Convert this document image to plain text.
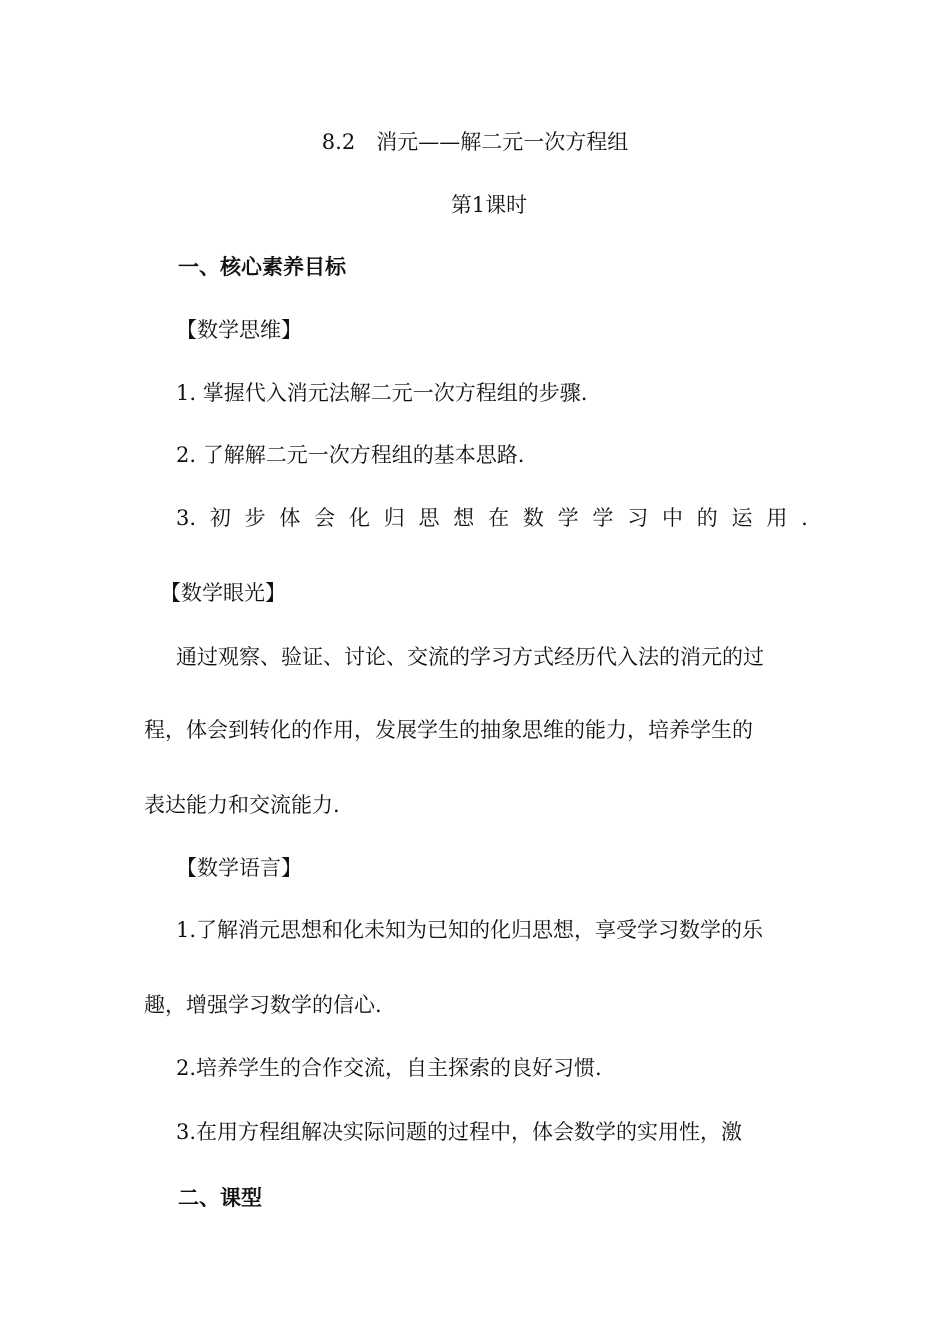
8.2　消元——解二元一次方程组
第1课时
一、核心素养目标
【数学思维】
1. 掌握代入消元法解二元一次方程组的步骤.
2. 了解解二元一次方程组的基本思路.
3. 初 步 体 会 化 归 思 想 在 数 学 学 习 中 的 运 用 .
【数学眼光】
通过观察、验证、讨论、交流的学习方式经历代入法的消元的过
程，体会到转化的作用，发展学生的抽象思维的能力，培养学生的
表达能力和交流能力.
【数学语言】
1.了解消元思想和化未知为已知的化归思想，享受学习数学的乐
趣，增强学习数学的信心.
2.培养学生的合作交流，自主探索的良好习惯.
3.在用方程组解决实际问题的过程中，体会数学的实用性，激
二、课型
